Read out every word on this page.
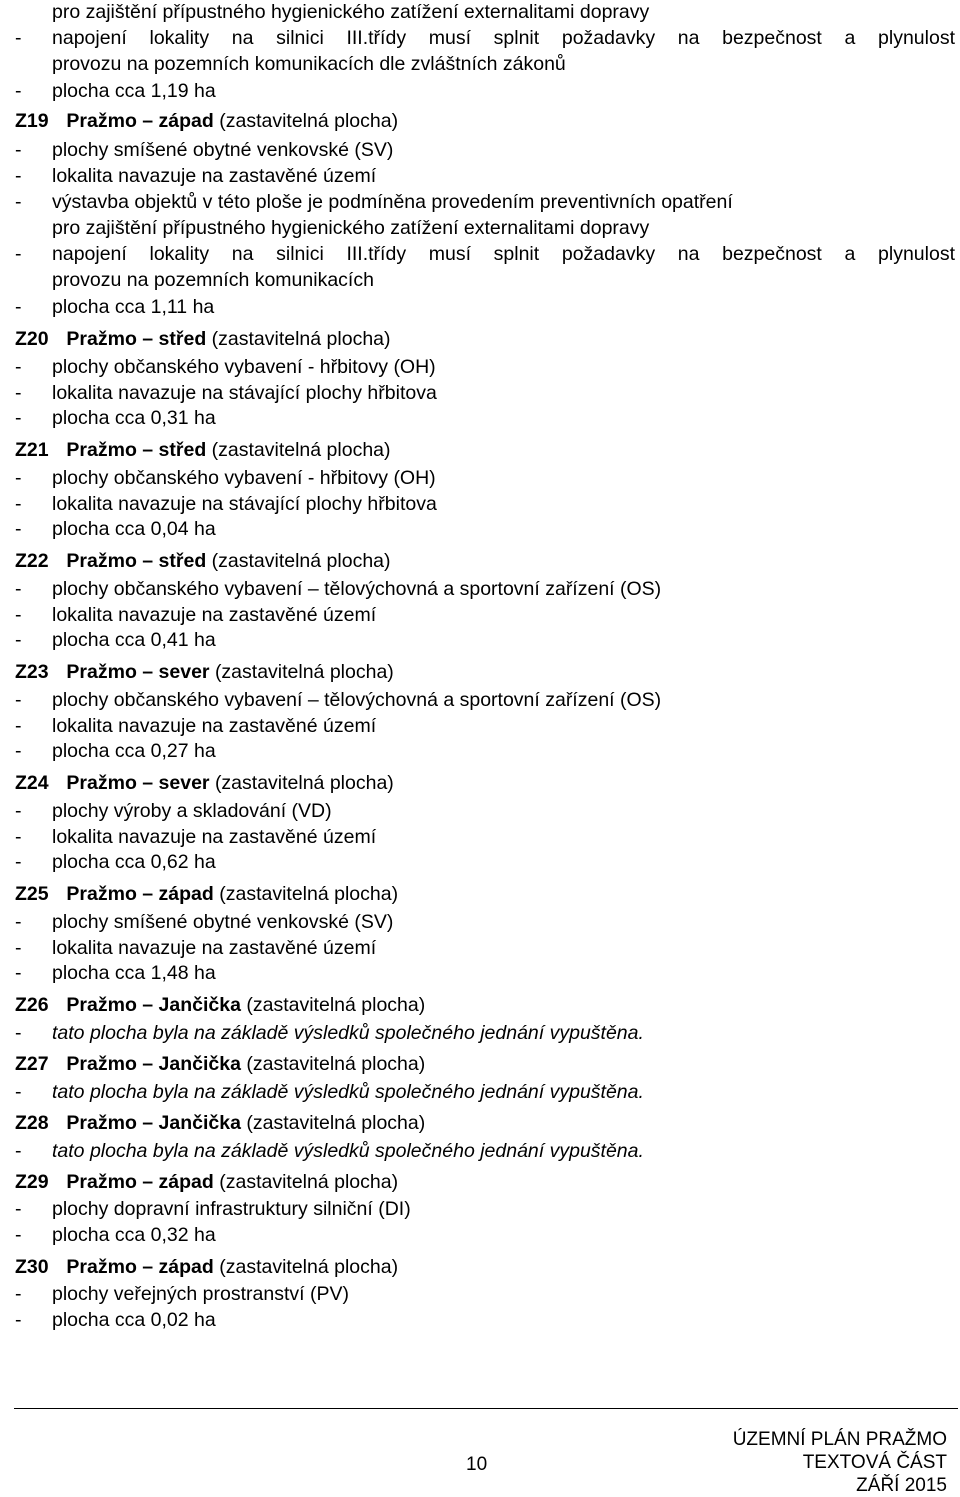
pro zajištění přípustného hygienického zatížení externalitami dopravy
- napojení lokality na silnici III.třídy musí splnit požadavky na bezpečnost a plynulost
provozu na pozemních komunikacích dle zvláštních zákonů
- plocha cca 1,19 ha
Z19 Pražmo – západ (zastavitelná plocha)
- plochy smíšené obytné venkovské (SV)
- lokalita navazuje na zastavěné území
- výstavba objektů v této ploše je podmíněna provedením preventivních opatření
pro zajištění přípustného hygienického zatížení externalitami dopravy
- napojení lokality na silnici III.třídy musí splnit požadavky na bezpečnost a plynulost
provozu na pozemních komunikacích
- plocha cca 1,11 ha
Z20 Pražmo – střed (zastavitelná plocha)
- plochy občanského vybavení - hřbitovy (OH)
- lokalita navazuje na stávající plochy hřbitova
- plocha cca 0,31 ha
Z21 Pražmo – střed (zastavitelná plocha)
- plochy občanského vybavení - hřbitovy (OH)
- lokalita navazuje na stávající plochy hřbitova
- plocha cca 0,04 ha
Z22 Pražmo – střed (zastavitelná plocha)
- plochy občanského vybavení – tělovýchovná a sportovní zařízení (OS)
- lokalita navazuje na zastavěné území
- plocha cca 0,41 ha
Z23 Pražmo – sever (zastavitelná plocha)
- plochy občanského vybavení – tělovýchovná a sportovní zařízení (OS)
- lokalita navazuje na zastavěné území
- plocha cca 0,27 ha
Z24 Pražmo – sever (zastavitelná plocha)
- plochy výroby a skladování (VD)
- lokalita navazuje na zastavěné území
- plocha cca 0,62 ha
Z25 Pražmo – západ (zastavitelná plocha)
- plochy smíšené obytné venkovské (SV)
- lokalita navazuje na zastavěné území
- plocha cca 1,48 ha
Z26 Pražmo – Jančička (zastavitelná plocha)
- tato plocha byla na základě výsledků společného jednání vypuštěna.
Z27 Pražmo – Jančička (zastavitelná plocha)
- tato plocha byla na základě výsledků společného jednání vypuštěna.
Z28 Pražmo – Jančička (zastavitelná plocha)
- tato plocha byla na základě výsledků společného jednání vypuštěna.
Z29 Pražmo – západ (zastavitelná plocha)
- plochy dopravní infrastruktury silniční (DI)
- plocha cca 0,32 ha
Z30 Pražmo – západ (zastavitelná plocha)
- plochy veřejných prostranství (PV)
- plocha cca 0,02 ha
10
ÚZEMNÍ PLÁN PRAŽMO
TEXTOVÁ ČÁST
ZÁŘÍ 2015
